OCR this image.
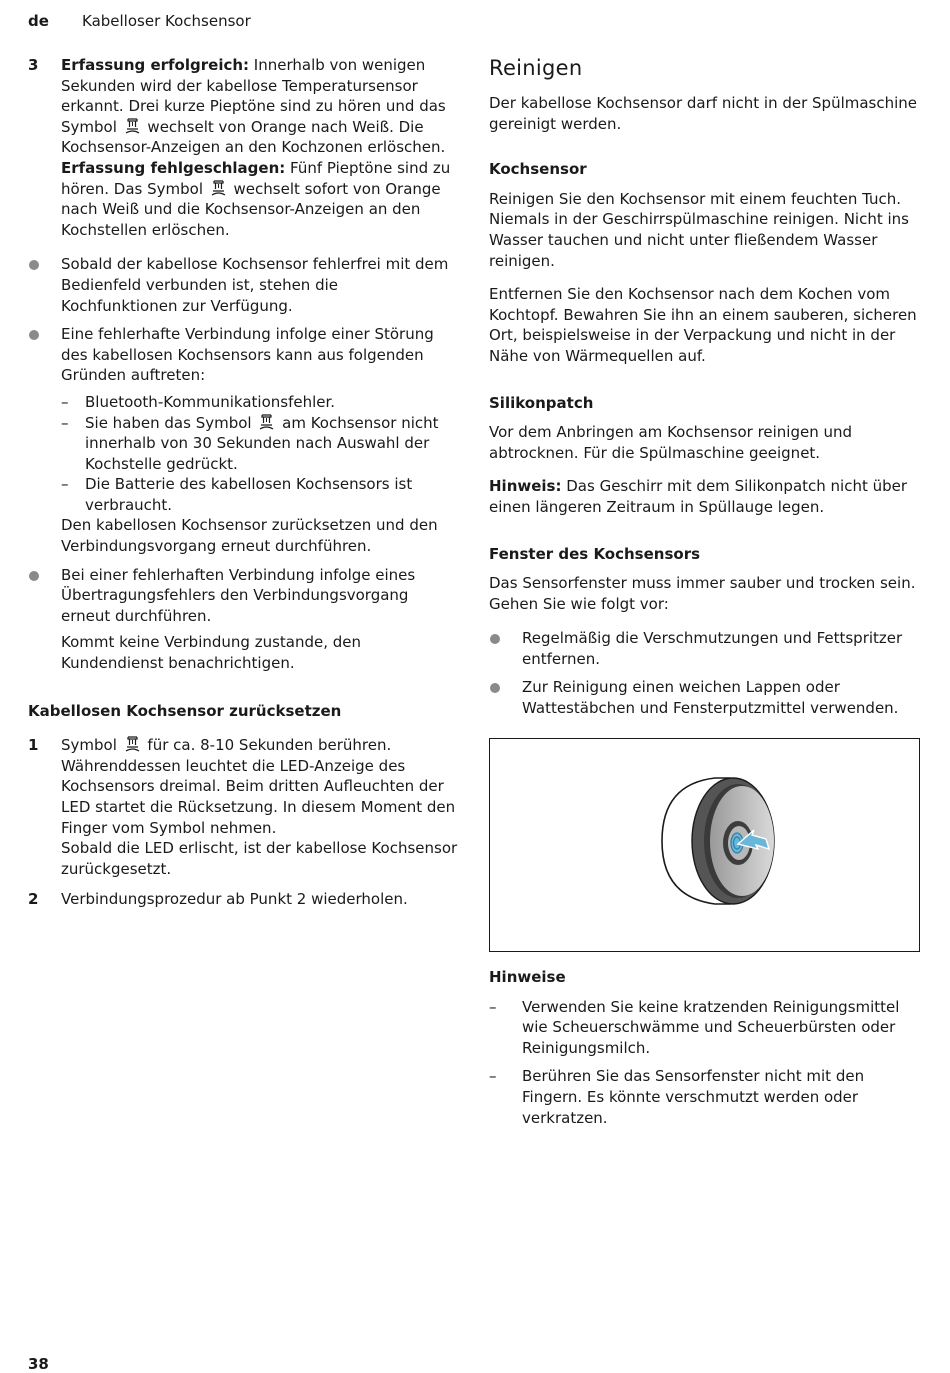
de Kabelloser Kochsensor
3 Erfassung erfolgreich: Innerhalb von wenigen Sekunden wird der kabellose Temperatursensor erkannt. Drei kurze Pieptöne sind zu hören und das Symbol  wechselt von Orange nach Weiß. Die Kochsensor-Anzeigen an den Kochzonen erlöschen.
Erfassung fehlgeschlagen: Fünf Pieptöne sind zu hören. Das Symbol  wechselt sofort von Orange nach Weiß und die Kochsensor-Anzeigen an den Kochstellen erlöschen.
Sobald der kabellose Kochsensor fehlerfrei mit dem Bedienfeld verbunden ist, stehen die Kochfunktionen zur Verfügung.
Eine fehlerhafte Verbindung infolge einer Störung des kabellosen Kochsensors kann aus folgenden Gründen auftreten:
– Bluetooth-Kommunikationsfehler.
– Sie haben das Symbol  am Kochsensor nicht innerhalb von 30 Sekunden nach Auswahl der Kochstelle gedrückt.
– Die Batterie des kabellosen Kochsensors ist verbraucht.
Den kabellosen Kochsensor zurücksetzen und den Verbindungsvorgang erneut durchführen.
Bei einer fehlerhaften Verbindung infolge eines Übertragungsfehlers den Verbindungsvorgang erneut durchführen.
Kommt keine Verbindung zustande, den Kundendienst benachrichtigen.
Kabellosen Kochsensor zurücksetzen
1 Symbol  für ca. 8-10 Sekunden berühren. Währenddessen leuchtet die LED-Anzeige des Kochsensors dreimal. Beim dritten Aufleuchten der LED startet die Rücksetzung. In diesem Moment den Finger vom Symbol nehmen.
Sobald die LED erlischt, ist der kabellose Kochsensor zurückgesetzt.
2 Verbindungsprozedur ab Punkt 2 wiederholen.
Reinigen

Der kabellose Kochsensor darf nicht in der Spülmaschine gereinigt werden.

Kochsensor

Reinigen Sie den Kochsensor mit einem feuchten Tuch. Niemals in der Geschirrspülmaschine reinigen. Nicht ins Wasser tauchen und nicht unter fließendem Wasser reinigen.

Entfernen Sie den Kochsensor nach dem Kochen vom Kochtopf. Bewahren Sie ihn an einem sauberen, sicheren Ort, beispielsweise in der Verpackung und nicht in der Nähe von Wärmequellen auf.

Silikonpatch

Vor dem Anbringen am Kochsensor reinigen und abtrocknen. Für die Spülmaschine geeignet.

Hinweis: Das Geschirr mit dem Silikonpatch nicht über einen längeren Zeitraum in Spüllauge legen.

Fenster des Kochsensors

Das Sensorfenster muss immer sauber und trocken sein. Gehen Sie wie folgt vor:

Regelmäßig die Verschmutzungen und Fettspritzer entfernen.
Zur Reinigung einen weichen Lappen oder Wattestäbchen und Fensterputzmittel verwenden.
Hinweise
– Verwenden Sie keine kratzenden Reinigungsmittel wie Scheuerschwämme und Scheuerbürsten oder Reinigungsmilch.
– Berühren Sie das Sensorfenster nicht mit den Fingern. Es könnte verschmutzt werden oder verkratzen.
38
